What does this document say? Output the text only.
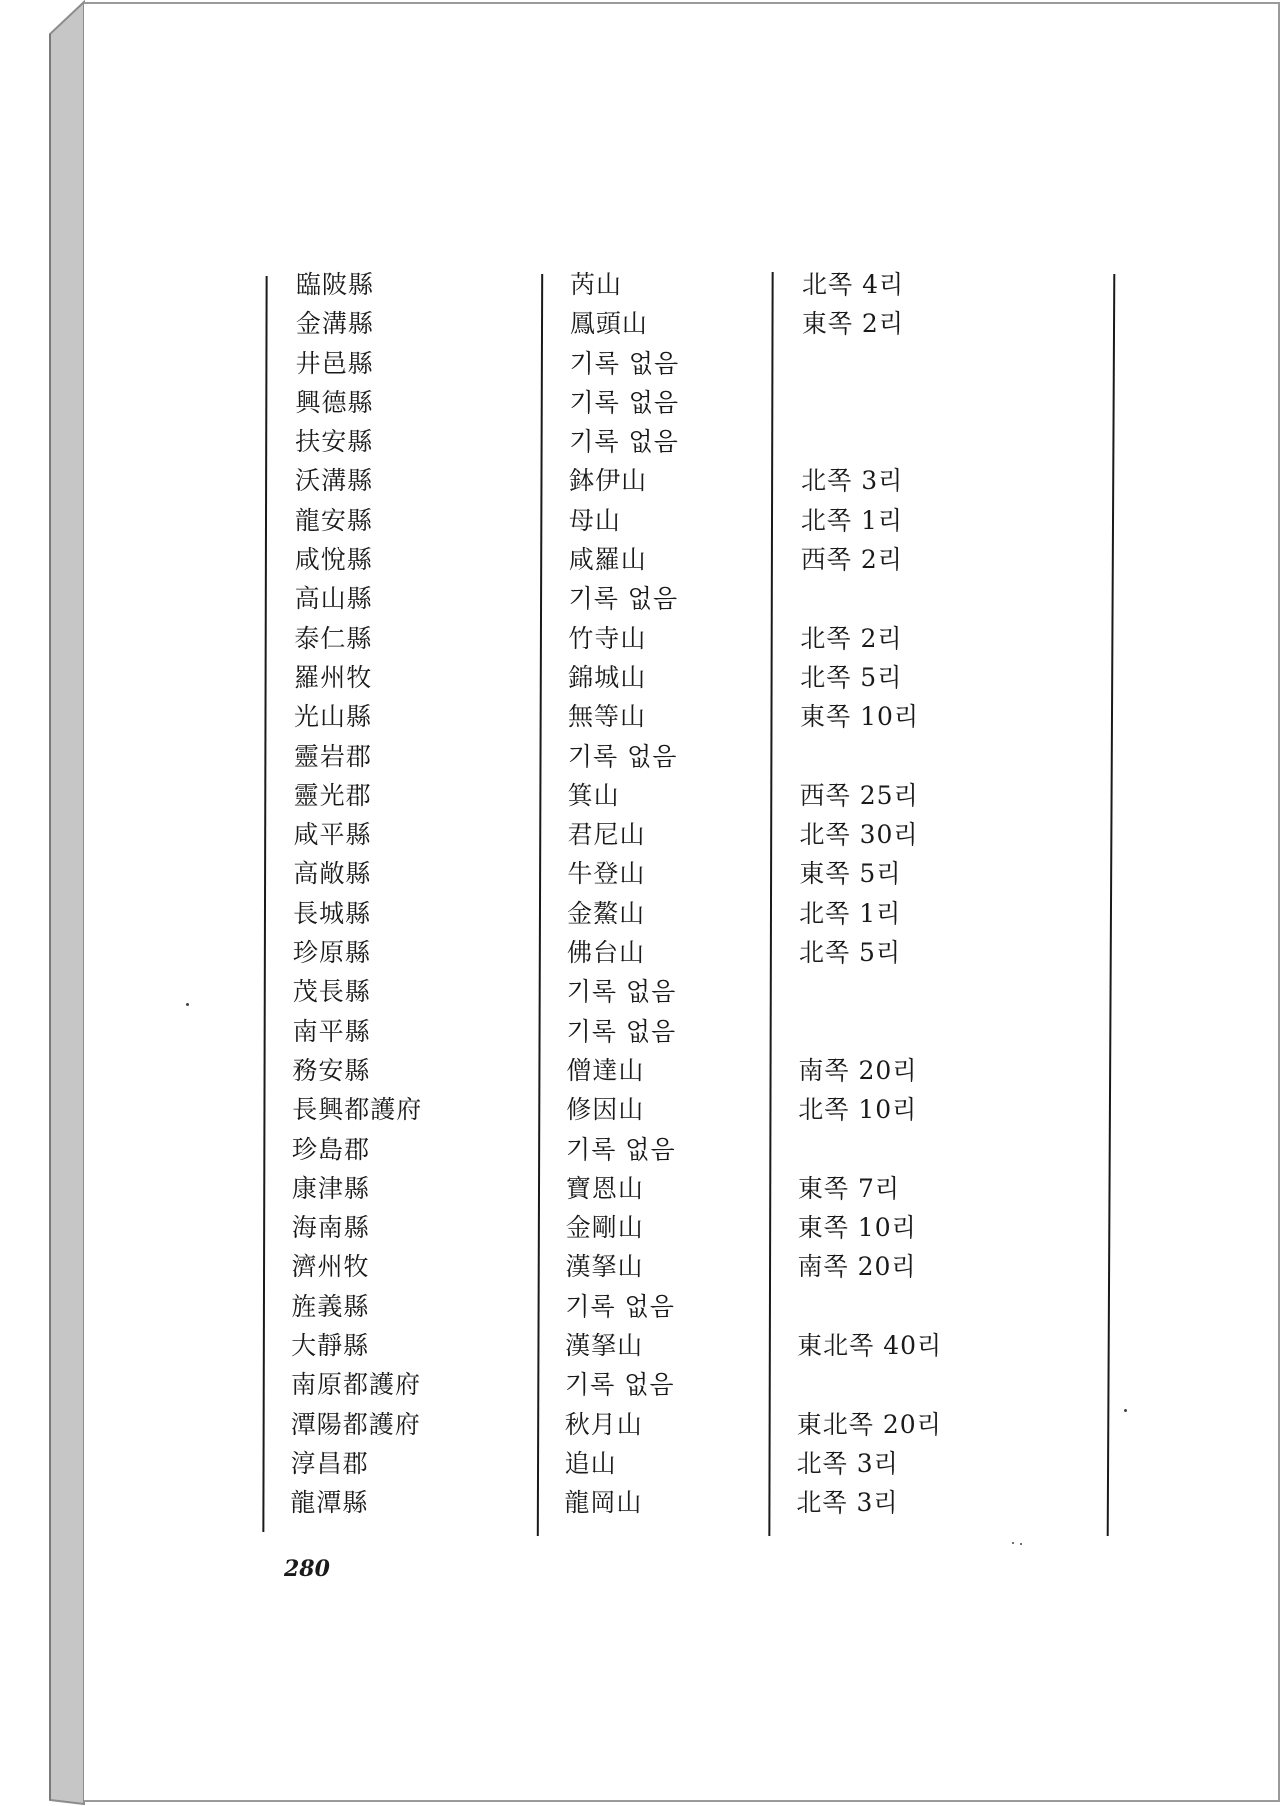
臨陂縣	芮山	北쪽 4리
金溝縣	鳳頭山	東쪽 2리
井邑縣	기록 없음
興德縣	기록 없음
扶安縣	기록 없음
沃溝縣	鉢伊山	北쪽 3리
龍安縣	母山	北쪽 1리
咸悅縣	咸羅山	西쪽 2리
高山縣	기록 없음
泰仁縣	竹寺山	北쪽 2리
羅州牧	錦城山	北쪽 5리
光山縣	無等山	東쪽 10리
靈岩郡	기록 없음
靈光郡	箕山	西쪽 25리
咸平縣	君尼山	北쪽 30리
高敞縣	牛登山	東쪽 5리
長城縣	金鰲山	北쪽 1리
珍原縣	佛台山	北쪽 5리
茂長縣	기록 없음
南平縣	기록 없음
務安縣	僧達山	南쪽 20리
長興都護府	修因山	北쪽 10리
珍島郡	기록 없음
康津縣	寶恩山	東쪽 7리
海南縣	金剛山	東쪽 10리
濟州牧	漢拏山	南쪽 20리
旌義縣	기록 없음
大靜縣	漢拏山	東北쪽 40리
南原都護府	기록 없음
潭陽都護府	秋月山	東北쪽 20리
淳昌郡	追山	北쪽 3리
龍潭縣	龍岡山	北쪽 3리
280
